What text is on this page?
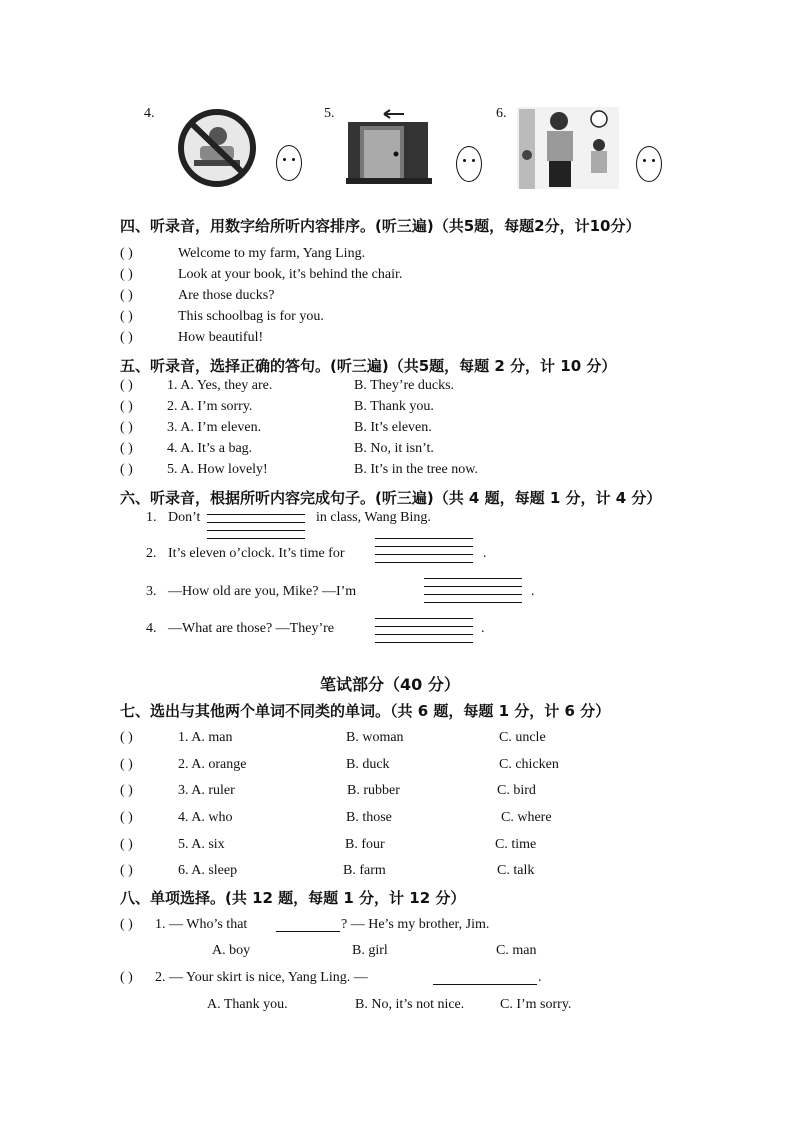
4.	5.	6.
四、听录音，用数字给所听内容排序。(听三遍)（共5题，每题2分，计10分）
( )	Welcome to my farm, Yang Ling.
( )	Look at your book, it’s behind the chair.
( )	Are those ducks?
( )	This schoolbag is for you.
( )	How beautiful!
五、听录音，选择正确的答句。(听三遍)（共5题，每题 2 分，计 10 分）
( ) 1. A. Yes, they are.	B. They’re ducks.
( ) 2. A. I’m sorry.	B. Thank you.
( ) 3. A. I’m eleven.	B. It’s eleven.
( ) 4. A. It’s a bag.	B. No, it isn’t.
( ) 5. A. How lovely!	B. It’s in the tree now.
六、听录音，根据所听内容完成句子。(听三遍)（共 4 题，每题 1 分，计 4 分）
1. Don’t	in class, Wang Bing.
2. It’s eleven o’clock. It’s time for	.
3. —How old are you, Mike? —I’m	.
4. —What are those? —They’re	.
笔试部分（40 分）
七、选出与其他两个单词不同类的单词。（共 6 题，每题 1 分，计 6 分）
( )	1. A. man	B. woman	C. uncle
( )	2. A. orange	B. duck	C. chicken
( )	3. A. ruler	B. rubber	C. bird
( )	4. A. who	B. those	C. where
( )	5. A. six	B. four	C. time
( )	6. A. sleep	B. farm	C. talk
八、单项选择。(共 12 题，每题 1 分，计 12 分）
( ) 1. — Who’s that	? — He’s my brother, Jim.
A. boy	B. girl	C. man
( ) 2. — Your skirt is nice, Yang Ling. —	.
A. Thank you.	B. No, it’s not nice.	C. I’m sorry.
